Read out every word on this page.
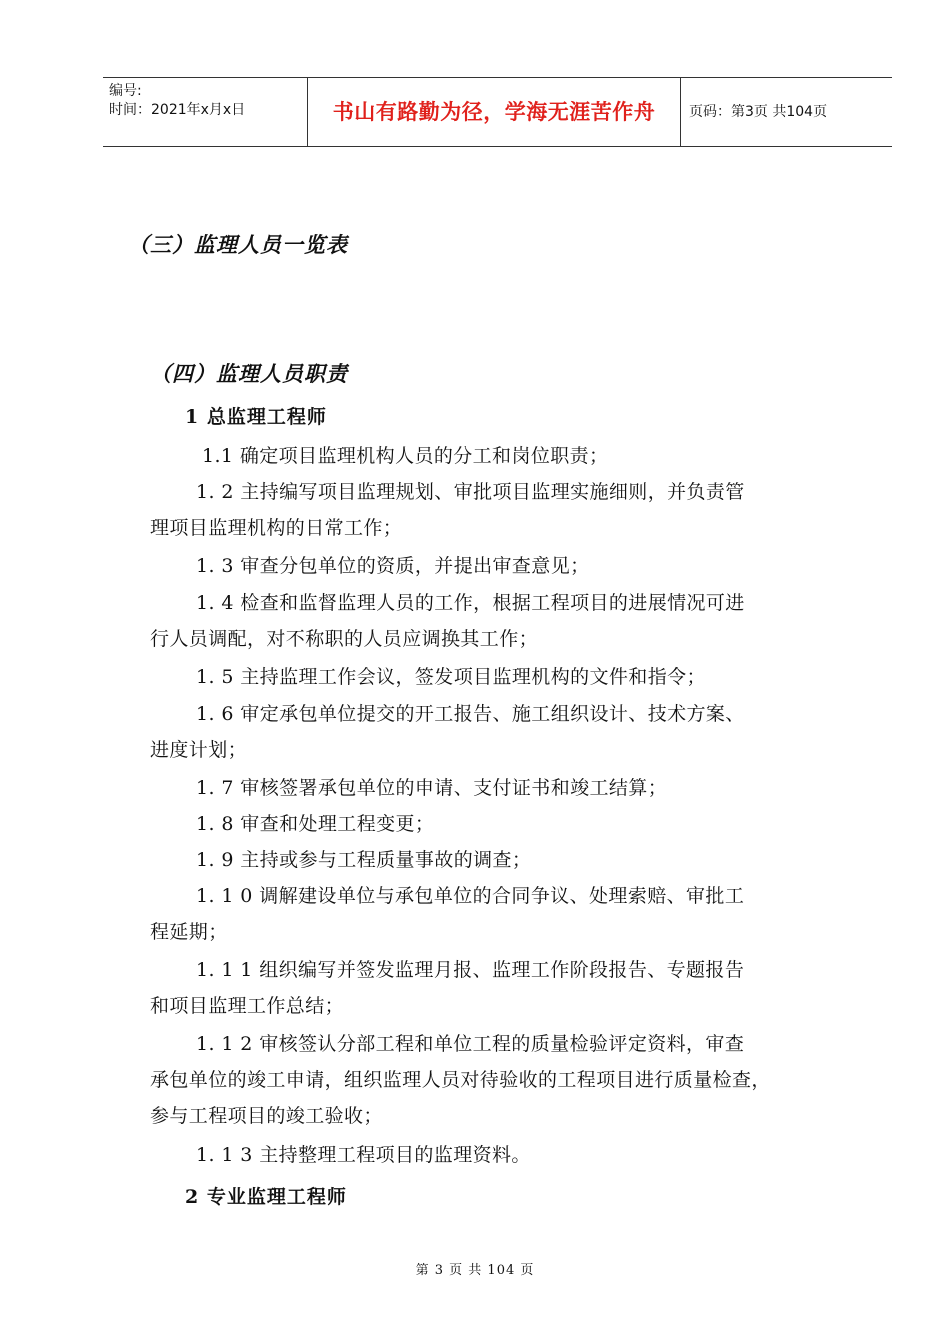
编号:
时间：2021年x月x日	书山有路勤为径，学海无涯苦作舟	页码：第3页 共104页
（三）监理人员一览表
（四）监理人员职责
1 总监理工程师
1.1 确定项目监理机构人员的分工和岗位职责；
1. 2 主持编写项目监理规划、审批项目监理实施细则，并负责管
理项目监理机构的日常工作；
1. 3 审查分包单位的资质，并提出审查意见；
1. 4 检查和监督监理人员的工作，根据工程项目的进展情况可进
行人员调配，对不称职的人员应调换其工作；
1. 5 主持监理工作会议，签发项目监理机构的文件和指令；
1. 6 审定承包单位提交的开工报告、施工组织设计、技术方案、
进度计划；
1. 7 审核签署承包单位的申请、支付证书和竣工结算；
1. 8 审查和处理工程变更；
1. 9 主持或参与工程质量事故的调查；
1. 1 0 调解建设单位与承包单位的合同争议、处理索赔、审批工
程延期；
1. 1 1 组织编写并签发监理月报、监理工作阶段报告、专题报告
和项目监理工作总结；
1. 1 2 审核签认分部工程和单位工程的质量检验评定资料，审查
承包单位的竣工申请，组织监理人员对待验收的工程项目进行质量检查，
参与工程项目的竣工验收；
1. 1 3 主持整理工程项目的监理资料。
2 专业监理工程师
第 3 页 共 104 页
